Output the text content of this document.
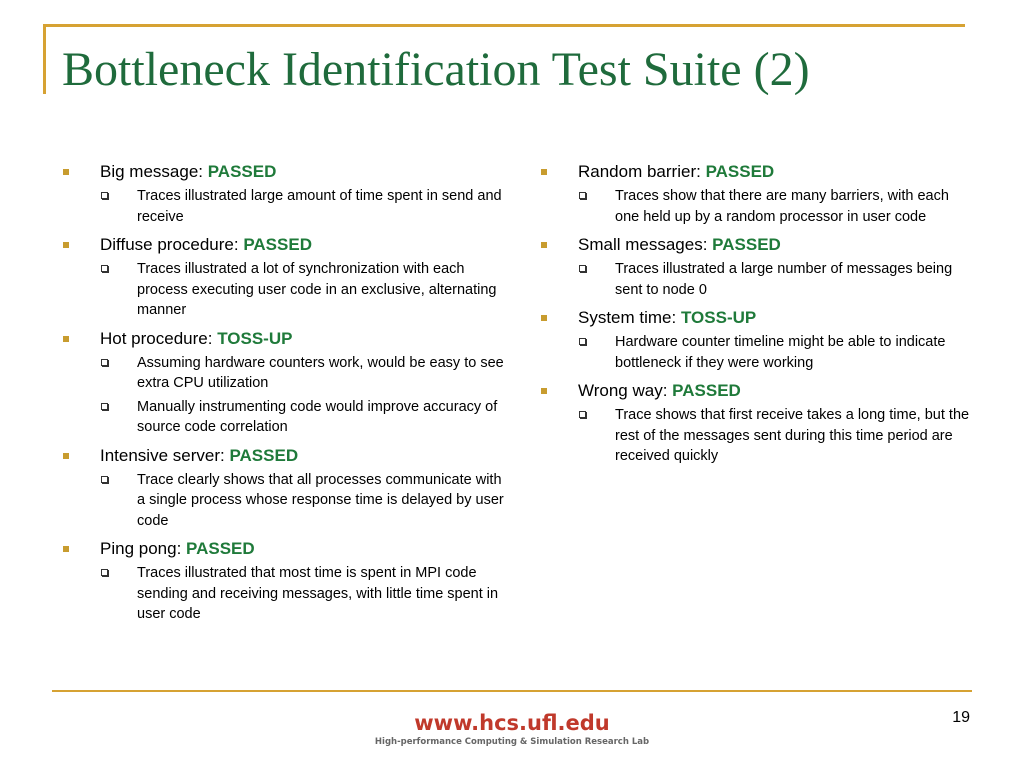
Bottleneck Identification Test Suite (2)
Big message: PASSED
Traces illustrated large amount of time spent in send and receive
Diffuse procedure: PASSED
Traces illustrated a lot of synchronization with each process executing user code in an exclusive, alternating manner
Hot procedure: TOSS-UP
Assuming hardware counters work, would be easy to see extra CPU utilization
Manually instrumenting code would improve accuracy of source code correlation
Intensive server: PASSED
Trace clearly shows that all processes communicate with a single process whose response time is delayed by user code
Ping pong: PASSED
Traces illustrated that most time is spent in MPI code sending and receiving messages, with little time spent in user code
Random barrier: PASSED
Traces show that there are many barriers, with each one held up by a random processor in user code
Small messages: PASSED
Traces illustrated a large number of messages being sent to node 0
System time: TOSS-UP
Hardware counter timeline might be able to indicate bottleneck if they were working
Wrong way: PASSED
Trace shows that first receive takes a long time, but the rest of the messages sent during this time period are received quickly
www.hcs.ufl.edu
High-performance Computing & Simulation Research Lab
19
